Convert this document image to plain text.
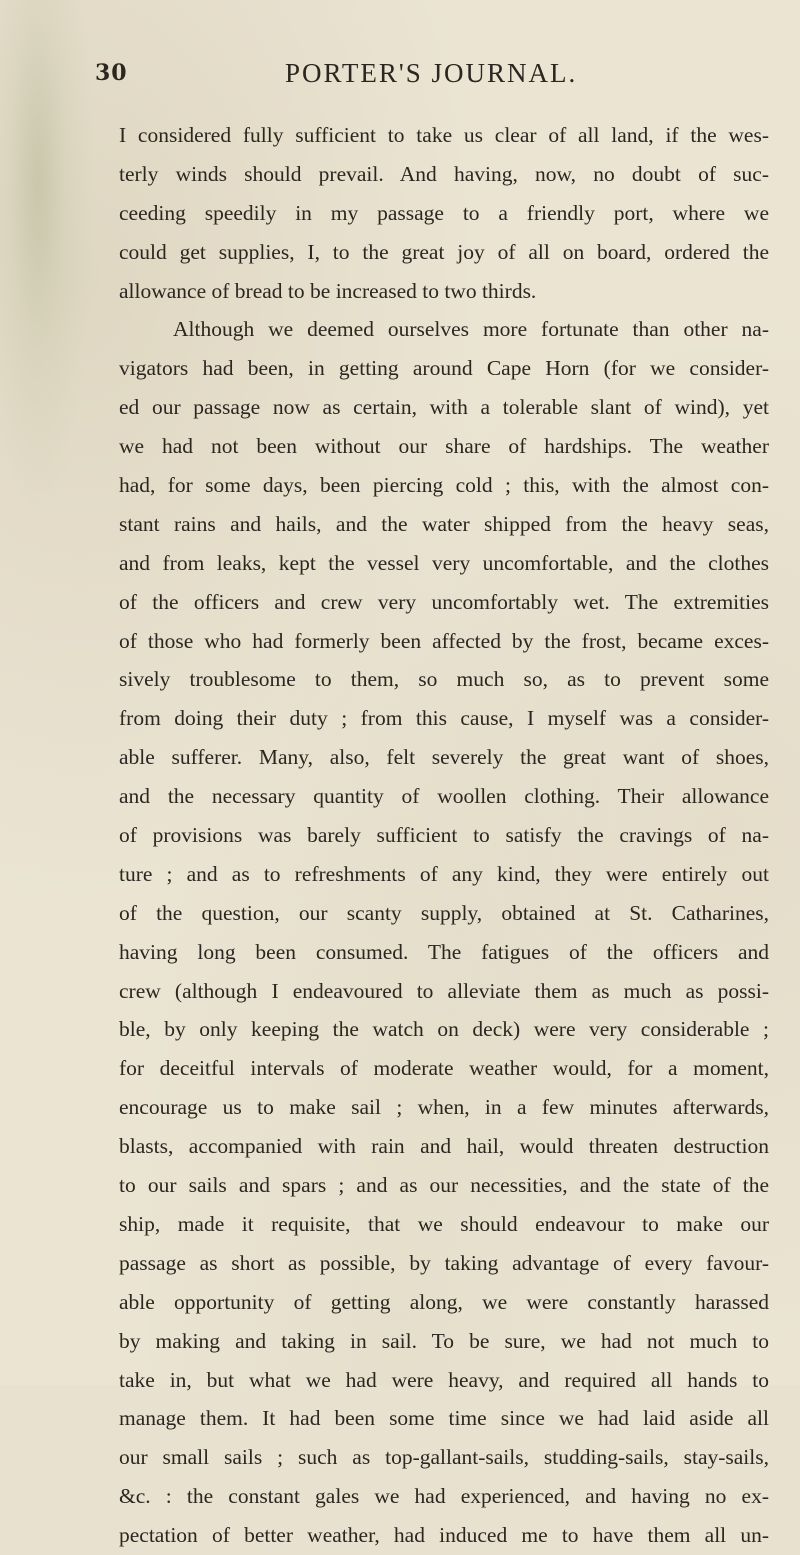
30	PORTER'S JOURNAL.
I considered fully sufficient to take us clear of all land, if the wes-
terly winds should prevail. And having, now, no doubt of suc-
ceeding speedily in my passage to a friendly port, where we
could get supplies, I, to the great joy of all on board, ordered the
allowance of bread to be increased to two thirds.
Although we deemed ourselves more fortunate than other na-
vigators had been, in getting around Cape Horn (for we consider-
ed our passage now as certain, with a tolerable slant of wind), yet
we had not been without our share of hardships. The weather
had, for some days, been piercing cold ; this, with the almost con-
stant rains and hails, and the water shipped from the heavy seas,
and from leaks, kept the vessel very uncomfortable, and the clothes
of the officers and crew very uncomfortably wet. The extremities
of those who had formerly been affected by the frost, became exces-
sively troublesome to them, so much so, as to prevent some
from doing their duty ; from this cause, I myself was a consider-
able sufferer. Many, also, felt severely the great want of shoes,
and the necessary quantity of woollen clothing. Their allowance
of provisions was barely sufficient to satisfy the cravings of na-
ture ; and as to refreshments of any kind, they were entirely out
of the question, our scanty supply, obtained at St. Catharines,
having long been consumed. The fatigues of the officers and
crew (although I endeavoured to alleviate them as much as possi-
ble, by only keeping the watch on deck) were very considerable ;
for deceitful intervals of moderate weather would, for a moment,
encourage us to make sail ; when, in a few minutes afterwards,
blasts, accompanied with rain and hail, would threaten destruction
to our sails and spars ; and as our necessities, and the state of the
ship, made it requisite, that we should endeavour to make our
passage as short as possible, by taking advantage of every favour-
able opportunity of getting along, we were constantly harassed
by making and taking in sail. To be sure, we had not much to
take in, but what we had were heavy, and required all hands to
manage them. It had been some time since we had laid aside all
our small sails ; such as top-gallant-sails, studding-sails, stay-sails,
&c. : the constant gales we had experienced, and having no ex-
pectation of better weather, had induced me to have them all un-
